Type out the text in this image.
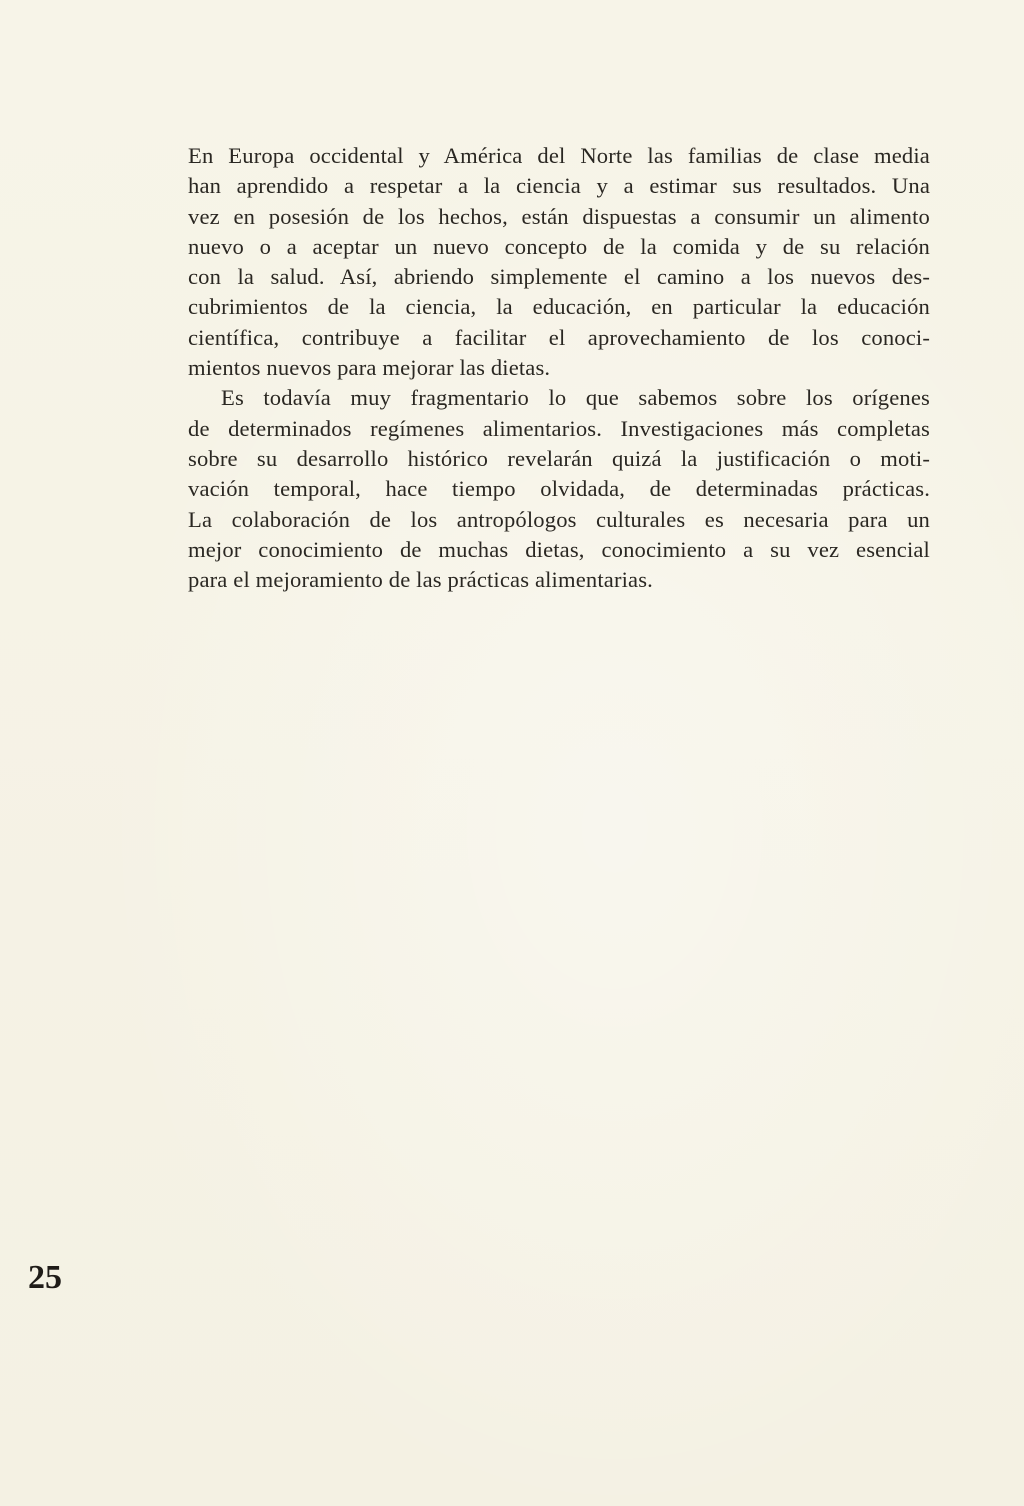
En Europa occidental y América del Norte las familias de clase media
han aprendido a respetar a la ciencia y a estimar sus resultados. Una
vez en posesión de los hechos, están dispuestas a consumir un alimento
nuevo o a aceptar un nuevo concepto de la comida y de su relación
con la salud. Así, abriendo simplemente el camino a los nuevos des-
cubrimientos de la ciencia, la educación, en particular la educación
científica, contribuye a facilitar el aprovechamiento de los conoci-
mientos nuevos para mejorar las dietas.

Es todavía muy fragmentario lo que sabemos sobre los orígenes
de determinados regímenes alimentarios. Investigaciones más completas
sobre su desarrollo histórico revelarán quizá la justificación o moti-
vación temporal, hace tiempo olvidada, de determinadas prácticas.
La colaboración de los antropólogos culturales es necesaria para un
mejor conocimiento de muchas dietas, conocimiento a su vez esencial
para el mejoramiento de las prácticas alimentarias.

25
